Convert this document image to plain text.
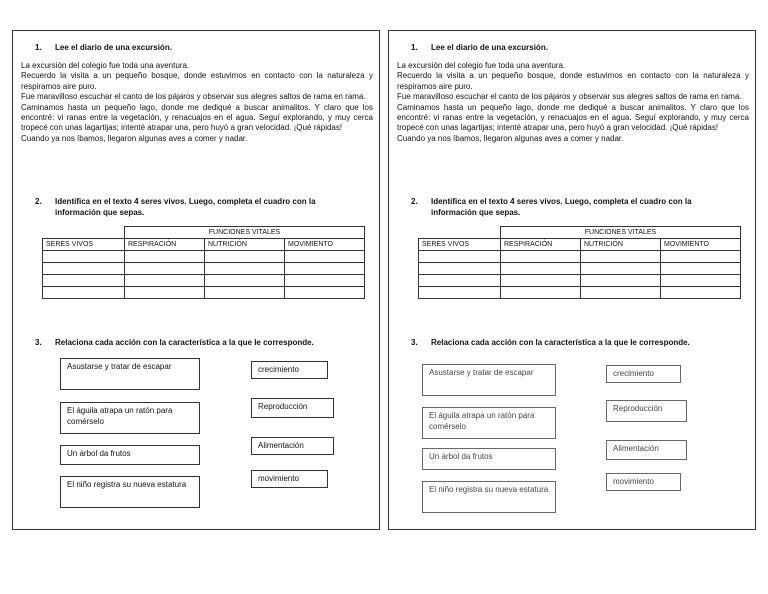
1. Lee el diario de una excursión.

La excursión del colegio fue toda una aventura.

Recuerdo la visita a un pequeño bosque, donde estuvimos en contacto con la naturaleza y respiramos aire puro.

Fue maravilloso escuchar el canto de los pájaros y observar sus alegres saltos de rama en rama.

Caminamos hasta un pequeño lago, donde me dediqué a buscar animalitos. Y claro que los encontré: vi ranas entre la vegetación, y renacuajos en el agua. Seguí explorando, y muy cerca tropecé con unas lagartijas; intenté atrapar una, pero huyó a gran velocidad. ¡Qué rápidas!

Cuando ya nos íbamos, llegaron algunas aves a comer y nadar.

2. Identifica en el texto 4 seres vivos. Luego, completa el cuadro con la información que sepas.
	FUNCIONES VITALES		
SERES VIVOS	RESPIRACIÓN	NUTRICIÓN	MOVIMIENTO

3. Relaciona cada acción con la característica a la que le corresponde.
Asustarse y tratar de escapar
El águila atrapa un ratón para comérselo
Un árbol da frutos
El niño registra su nueva estatura
crecimiento
Reproducción
Alimentación
movimiento
1. Lee el diario de una excursión.

La excursión del colegio fue toda una aventura.

Recuerdo la visita a un pequeño bosque, donde estuvimos en contacto con la naturaleza y respiramos aire puro.

Fue maravilloso escuchar el canto de los pájaros y observar sus alegres saltos de rama en rama.

Caminamos hasta un pequeño lago, donde me dediqué a buscar animalitos. Y claro que los encontré: vi ranas entre la vegetación, y renacuajos en el agua. Seguí explorando, y muy cerca tropecé con unas lagartijas; intenté atrapar una, pero huyó a gran velocidad. ¡Qué rápidas!

Cuando ya nos íbamos, llegaron algunas aves a comer y nadar.

2. Identifica en el texto 4 seres vivos. Luego, completa el cuadro con la información que sepas.
	FUNCIONES VITALES		
SERES VIVOS	RESPIRACIÓN	NUTRICIÓN	MOVIMIENTO

3. Relaciona cada acción con la característica a la que le corresponde.
Asustarse y tratar de escapar
El águila atrapa un ratón para comérselo
Un árbol da frutos
El niño registra su nueva estatura
crecimiento
Reproducción
Alimentación
movimiento
